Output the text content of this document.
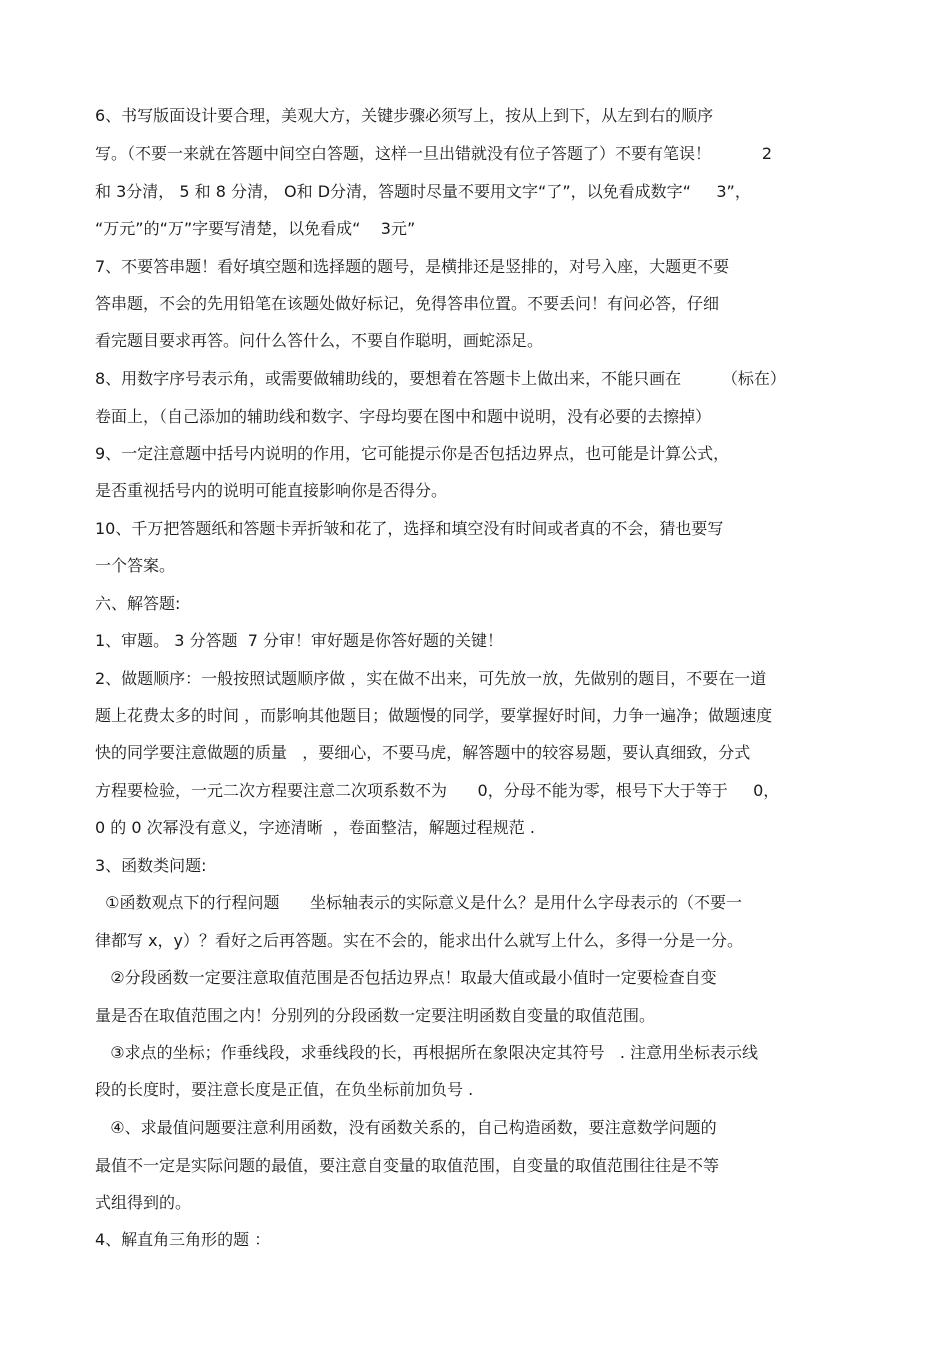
6、书写版面设计要合理，美观大方，关键步骤必须写上，按从上到下，从左到右的顺序
写。（不要一来就在答题中间空白答题，这样一旦出错就没有位子答题了）不要有笔误！          2
和 3分清， 5 和 8 分清， O和 D分清，答题时尽量不要用文字“了”，以免看成数字“     3”，
“万元”的“万”字要写清楚，以免看成“    3元”
7、不要答串题！看好填空题和选择题的题号，是横排还是竖排的，对号入座，大题更不要
答串题，不会的先用铅笔在该题处做好标记，免得答串位置。不要丢问！有问必答，仔细
看完题目要求再答。问什么答什么，不要自作聪明，画蛇添足。
8、用数字序号表示角，或需要做辅助线的，要想着在答题卡上做出来，不能只画在        （标在）
卷面上，（自己添加的辅助线和数字、字母均要在图中和题中说明，没有必要的去擦掉）
9、一定注意题中括号内说明的作用，它可能提示你是否包括边界点，也可能是计算公式，
是否重视括号内的说明可能直接影响你是否得分。
10、千万把答题纸和答题卡弄折皱和花了，选择和填空没有时间或者真的不会，猜也要写
一个答案。
六、解答题:
1、审题。 3 分答题  7 分审！审好题是你答好题的关键！
2、做题顺序：一般按照试题顺序做 ，实在做不出来，可先放一放，先做别的题目，不要在一道
题上花费太多的时间 ，而影响其他题目；做题慢的同学，要掌握好时间，力争一遍净；做题速度
快的同学要注意做题的质量   ，要细心，不要马虎，解答题中的较容易题，要认真细致，分式
方程要检验，一元二次方程要注意二次项系数不为      0，分母不能为零，根号下大于等于     0，
0 的 0 次幂没有意义，字迹清晰  ，卷面整洁，解题过程规范 .
3、函数类问题:
①函数观点下的行程问题      坐标轴表示的实际意义是什么？是用什么字母表示的（不要一
律都写 x，y）？看好之后再答题。实在不会的，能求出什么就写上什么，多得一分是一分。
②分段函数一定要注意取值范围是否包括边界点！取最大值或最小值时一定要检查自变
量是否在取值范围之内！分别列的分段函数一定要注明函数自变量的取值范围。
③求点的坐标；作垂线段，求垂线段的长，再根据所在象限决定其符号   . 注意用坐标表示线
段的长度时，要注意长度是正值，在负坐标前加负号 .
④、求最值问题要注意利用函数，没有函数关系的，自己构造函数，要注意数学问题的
最值不一定是实际问题的最值，要注意自变量的取值范围，自变量的取值范围往往是不等
式组得到的。
4、解直角三角形的题 ：
